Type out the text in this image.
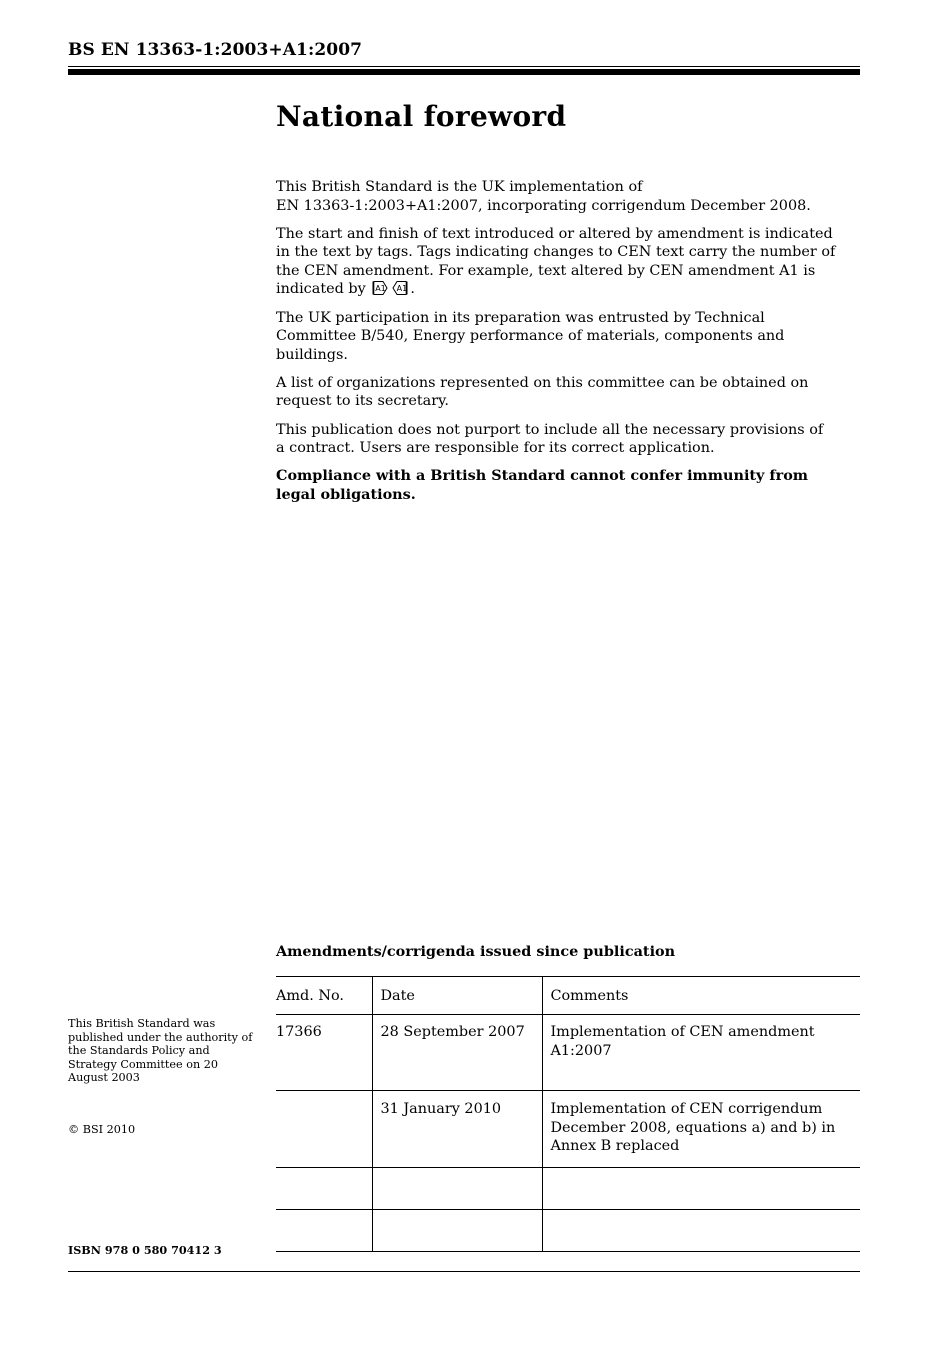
BS EN 13363-1:2003+A1:2007
National foreword

This British Standard is the UK implementation of
EN 13363-1:2003+A1:2007, incorporating corrigendum December 2008.

The start and finish of text introduced or altered by amendment is indicated in the text by tags. Tags indicating changes to CEN text carry the number of the CEN amendment. For example, text altered by CEN amendment A1 is indicated by A1 A1 .

The UK participation in its preparation was entrusted by Technical Committee B/540, Energy performance of materials, components and buildings.

A list of organizations represented on this committee can be obtained on request to its secretary.

This publication does not purport to include all the necessary provisions of a contract. Users are responsible for its correct application.

Compliance with a British Standard cannot confer immunity from legal obligations.

Amendments/corrigenda issued since publication
Amd. No.	Date	Comments
17366	28 September 2007	Implementation of CEN amendment A1:2007
	31 January 2010	Implementation of CEN corrigendum December 2008, equations a) and b) in Annex B replaced

This British Standard was published under the authority of the Standards Policy and Strategy Committee on 20 August 2003
© BSI 2010
ISBN 978 0 580 70412 3
